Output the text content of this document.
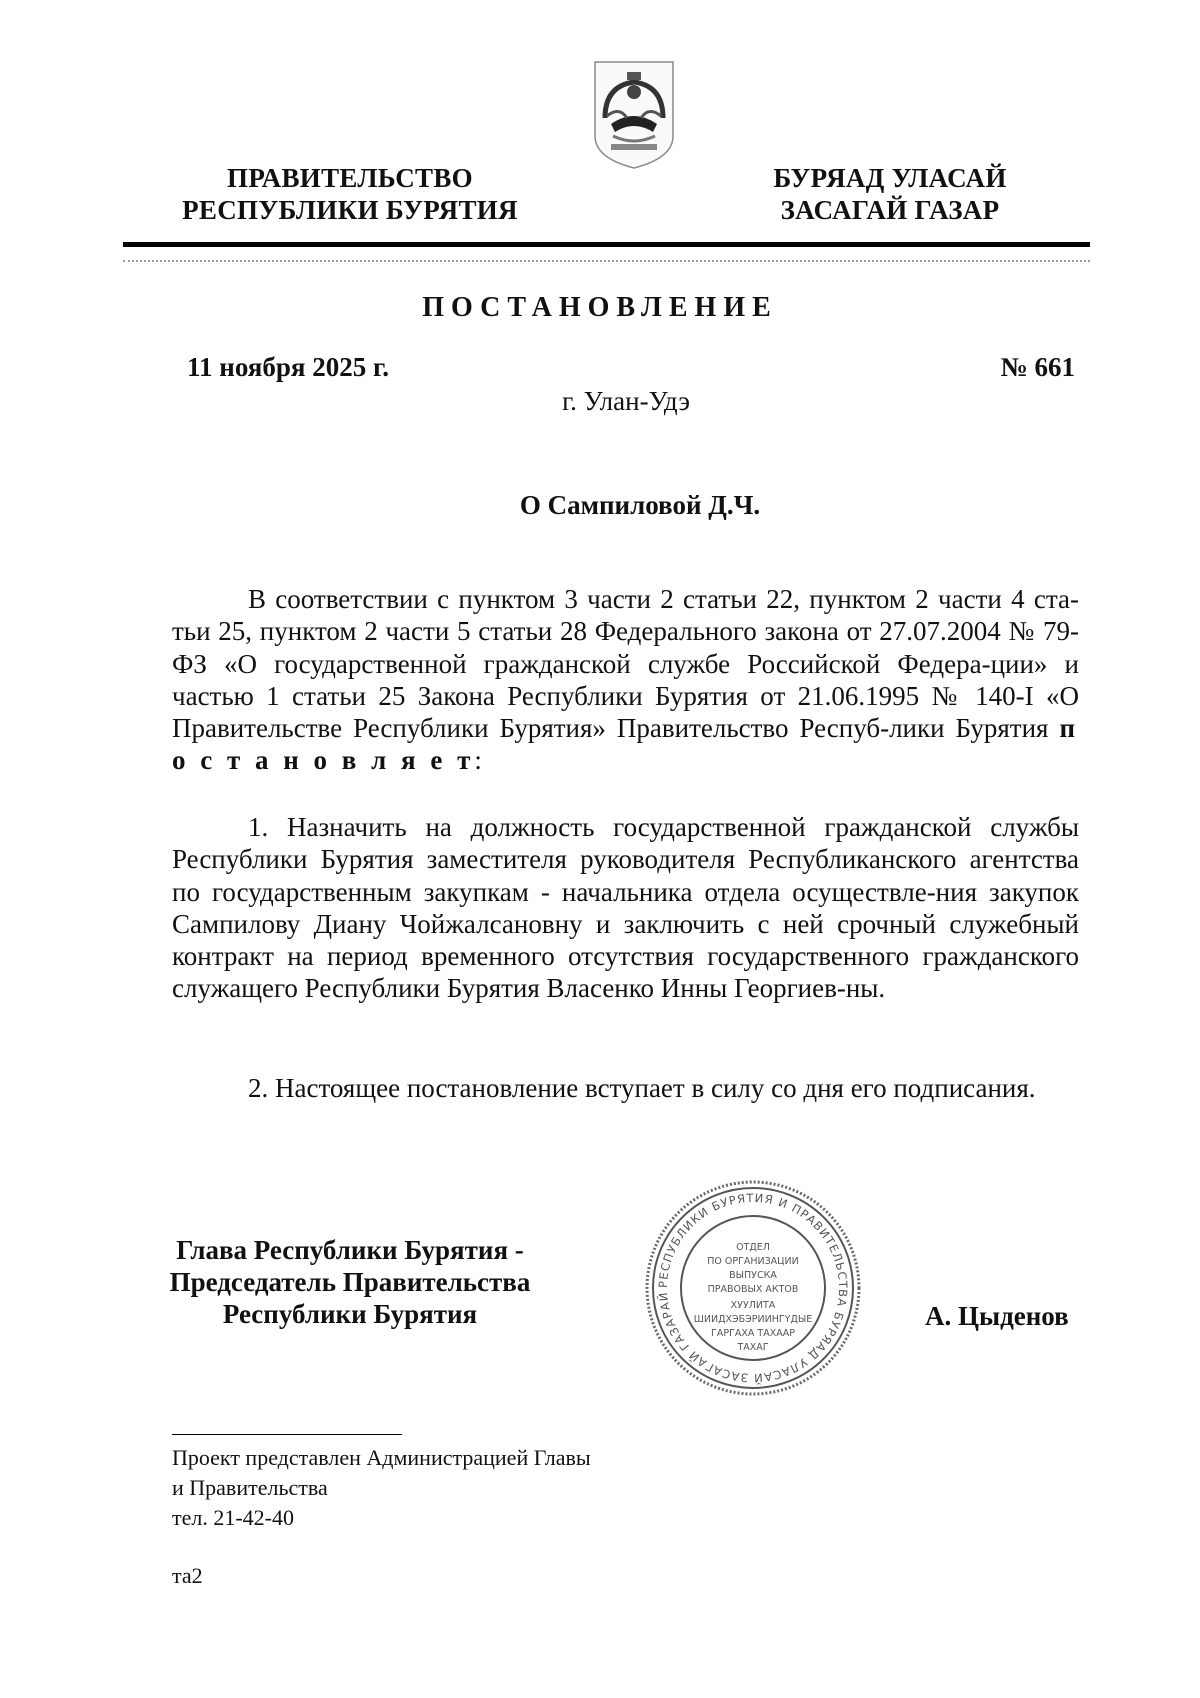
ПРАВИТЕЛЬСТВО
РЕСПУБЛИКИ БУРЯТИЯ
БУРЯАД УЛАСАЙ
ЗАСАГАЙ ГАЗАР
ПОСТАНОВЛЕНИЕ
11 ноября 2025 г.	№ 661
г. Улан-Удэ
О Сампиловой Д.Ч.
В соответствии с пунктом 3 части 2 статьи 22, пунктом 2 части 4 ста-тьи 25, пунктом 2 части 5 статьи 28 Федерального закона от 27.07.2004 № 79-ФЗ «О государственной гражданской службе Российской Федера-ции» и частью 1 статьи 25 Закона Республики Бурятия от 21.06.1995 № 140-I «О Правительстве Республики Бурятия» Правительство Респуб-лики Бурятия п о с т а н о в л я е т:
1. Назначить на должность государственной гражданской службы Республики Бурятия заместителя руководителя Республиканского агентства по государственным закупкам - начальника отдела осуществле-ния закупок Сампилову Диану Чойжалсановну и заключить с ней срочный служебный контракт на период временного отсутствия государственного гражданского служащего Республики Бурятия Власенко Инны Георгиев-ны.
2. Настоящее постановление вступает в силу со дня его подписания.
Глава Республики Бурятия -
Председатель Правительства
Республики Бурятия
РЕСПУБЛИКИ БУРЯТИЯ И ПРАВИТЕЛЬСТВА БУРЯАД УЛАСАЙ ЗАСАГАЙ ГАЗАРАЙ
ОТДЕЛ
ПО ОРГАНИЗАЦИИ
ВЫПУСКА
ПРАВОВЫХ АКТОВ
ХУУЛИТА
ШИИДХЭБЭРИИНГҮДЫЕ
ГАРГАХА ТАХААР
ТАХАГ
А. Цыденов
Проект представлен Администрацией Главы
и Правительства
тел. 21-42-40
та2
